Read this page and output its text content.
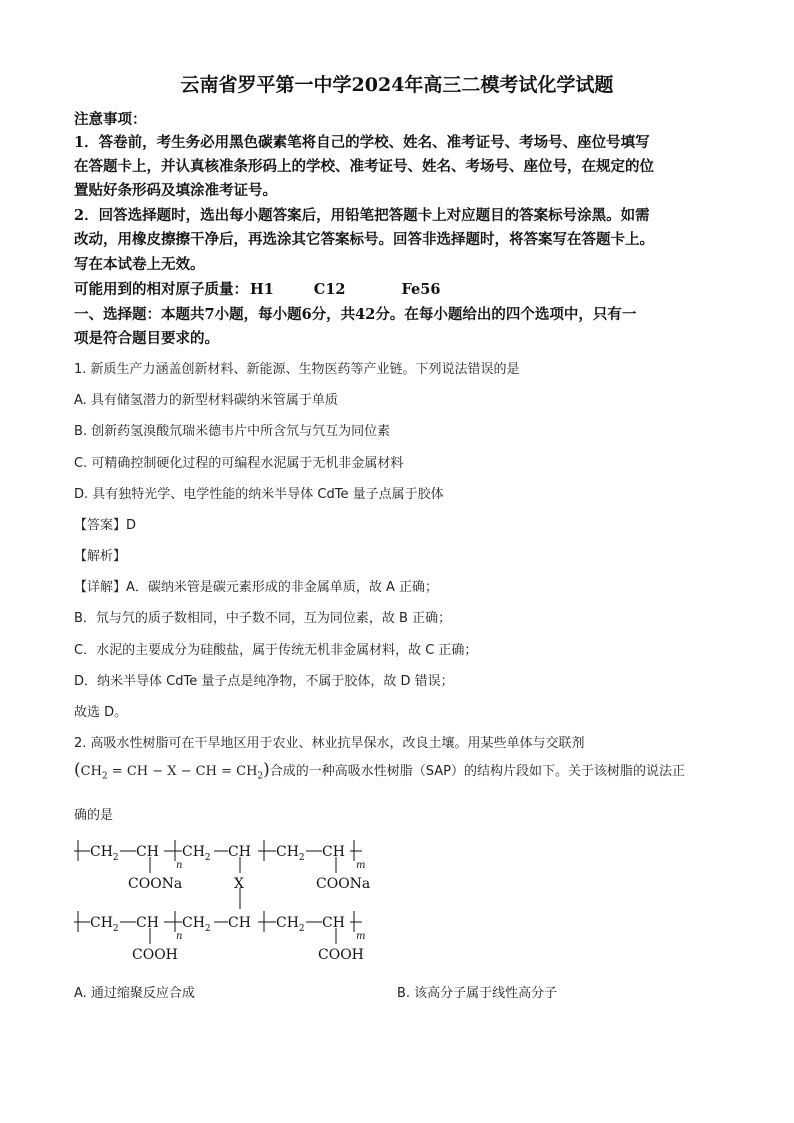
云南省罗平第一中学2024年高三二模考试化学试题
注意事项：
1．答卷前，考生务必用黑色碳素笔将自己的学校、姓名、准考证号、考场号、座位号填写
在答题卡上，并认真核准条形码上的学校、准考证号、姓名、考场号、座位号，在规定的位
置贴好条形码及填涂准考证号。
2．回答选择题时，选出每小题答案后，用铅笔把答题卡上对应题目的答案标号涂黑。如需
改动，用橡皮擦擦干净后，再选涂其它答案标号。回答非选择题时，将答案写在答题卡上。
写在本试卷上无效。
可能用到的相对原子质量： H1	C12	Fe56
一、选择题：本题共7小题，每小题6分，共42分。在每小题给出的四个选项中，只有一
项是符合题目要求的。
1. 新质生产力涵盖创新材料、新能源、生物医药等产业链。下列说法错误的是
A. 具有储氢潜力的新型材料碳纳米管属于单质
B. 创新药氢溴酸氘瑞米德韦片中所含氘与氕互为同位素
C. 可精确控制硬化过程的可编程水泥属于无机非金属材料
D. 具有独特光学、电学性能的纳米半导体 CdTe 量子点属于胶体
【答案】D
【解析】
【详解】A．碳纳米管是碳元素形成的非金属单质，故 A 正确；
B．氘与氕的质子数相同，中子数不同，互为同位素，故 B 正确；
C．水泥的主要成分为硅酸盐，属于传统无机非金属材料，故 C 正确；
D．纳米半导体 CdTe 量子点是纯净物，不属于胶体，故 D 错误；
故选 D。
2. 高吸水性树脂可在干旱地区用于农业、林业抗旱保水，改良土壤。用某些单体与交联剂
($CH_2$ = CH − X − CH = $CH_2$)合成的一种高吸水性树脂（SAP）的结构片段如下。关于该树脂的说法正
确的是
$CH_2$ CH
n
$CH_2$ CH $CH_2$ CH
m
COONa	X	COONa
$CH_2$ CH
n
$CH_2$ CH $CH_2$ CH
m
COOH	COOH
A. 通过缩聚反应合成	B. 该高分子属于线性高分子
